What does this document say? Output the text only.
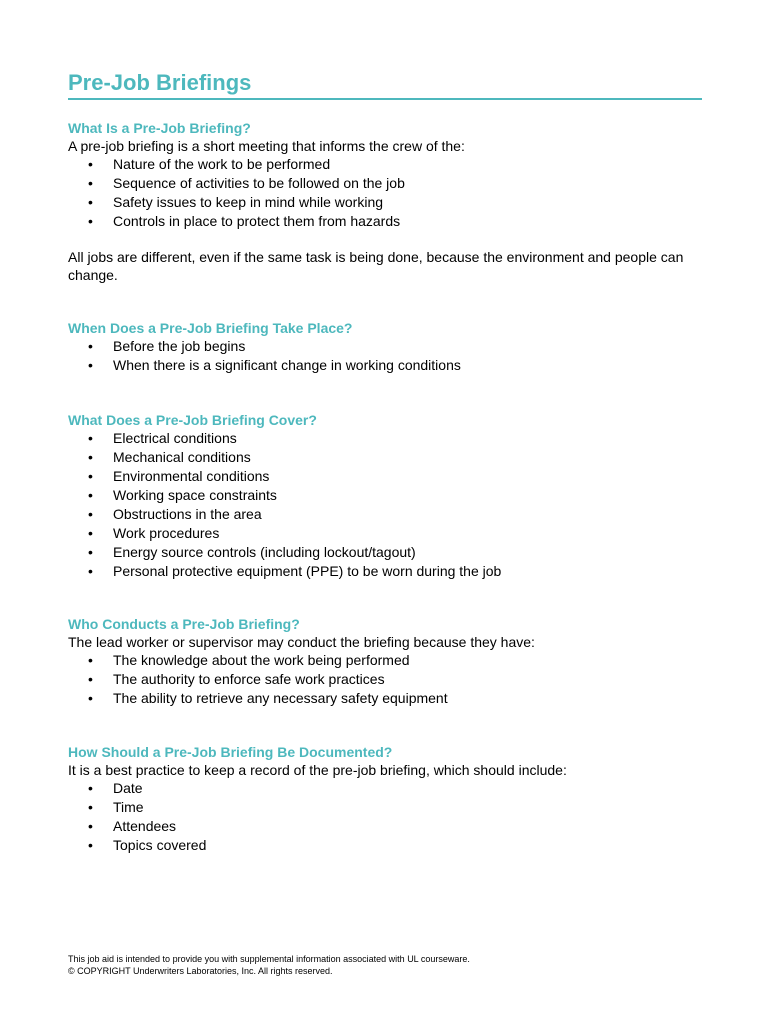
Pre-Job Briefings
What Is a Pre-Job Briefing?

A pre-job briefing is a short meeting that informs the crew of the:

• Nature of the work to be performed
• Sequence of activities to be followed on the job
• Safety issues to keep in mind while working
• Controls in place to protect them from hazards

All jobs are different, even if the same task is being done, because the environment and people can change.

When Does a Pre-Job Briefing Take Place?
• Before the job begins
• When there is a significant change in working conditions
What Does a Pre-Job Briefing Cover?
• Electrical conditions
• Mechanical conditions
• Environmental conditions
• Working space constraints
• Obstructions in the area
• Work procedures
• Energy source controls (including lockout/tagout)
• Personal protective equipment (PPE) to be worn during the job
Who Conducts a Pre-Job Briefing?

The lead worker or supervisor may conduct the briefing because they have:

• The knowledge about the work being performed
• The authority to enforce safe work practices
• The ability to retrieve any necessary safety equipment
How Should a Pre-Job Briefing Be Documented?

It is a best practice to keep a record of the pre-job briefing, which should include:

• Date
• Time
• Attendees
• Topics covered
This job aid is intended to provide you with supplemental information associated with UL courseware.
© COPYRIGHT Underwriters Laboratories, Inc. All rights reserved.
